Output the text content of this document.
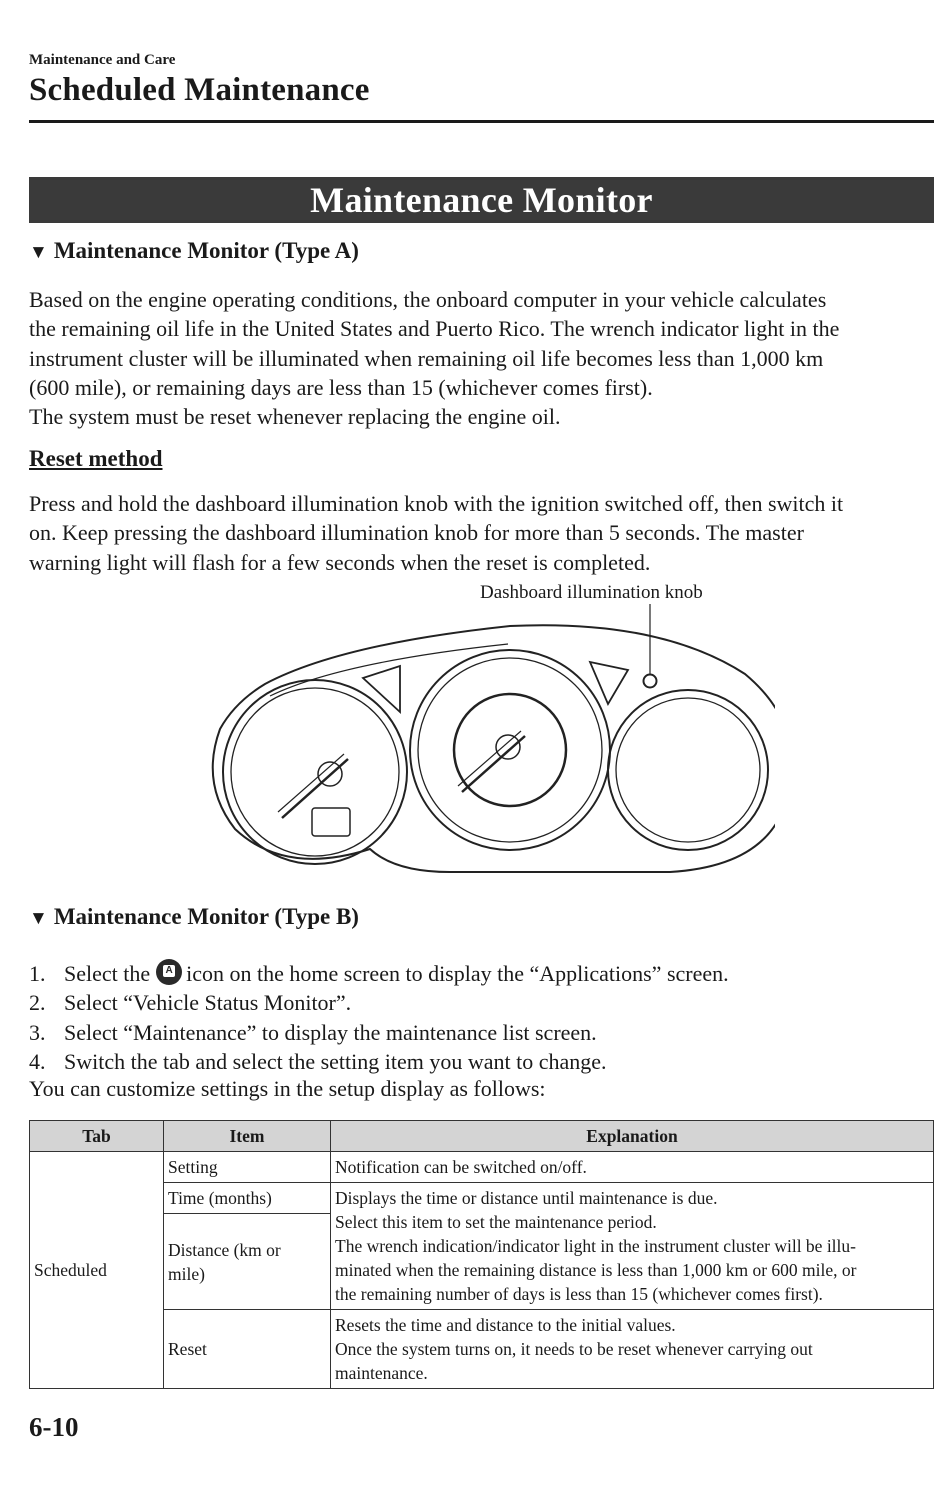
Maintenance and Care
Scheduled Maintenance
Maintenance Monitor
▼ Maintenance Monitor (Type A)

Based on the engine operating conditions, the onboard computer in your vehicle calculates

the remaining oil life in the United States and Puerto Rico. The wrench indicator light in the

instrument cluster will be illuminated when remaining oil life becomes less than 1,000 km

(600 mile), or remaining days are less than 15 (whichever comes first).

The system must be reset whenever replacing the engine oil.

Reset method

Press and hold the dashboard illumination knob with the ignition switched off, then switch it

on. Keep pressing the dashboard illumination knob for more than 5 seconds. The master

warning light will flash for a few seconds when the reset is completed.

Dashboard illumination knob
▼ Maintenance Monitor (Type B)
1. Select the A icon on the home screen to display the “Applications” screen.
2. Select “Vehicle Status Monitor”.
3. Select “Maintenance” to display the maintenance list screen.
4. Switch the tab and select the setting item you want to change.
You can customize settings in the setup display as follows:
Tab	Item	Explanation
Scheduled	Setting	Notification can be switched on/off.
	Time (months)	Displays the time or distance until maintenance is due.
Select this item to set the maintenance period.
The wrench indication/indicator light in the instrument cluster will be illu-
minated when the remaining distance is less than 1,000 km or 600 mile, or
the remaining number of days is less than 15 (whichever comes first).

	Distance (km or
mile)	

	Reset	Resets the time and distance to the initial values.
Once the system turns on, it needs to be reset whenever carrying out
maintenance.
6-10
